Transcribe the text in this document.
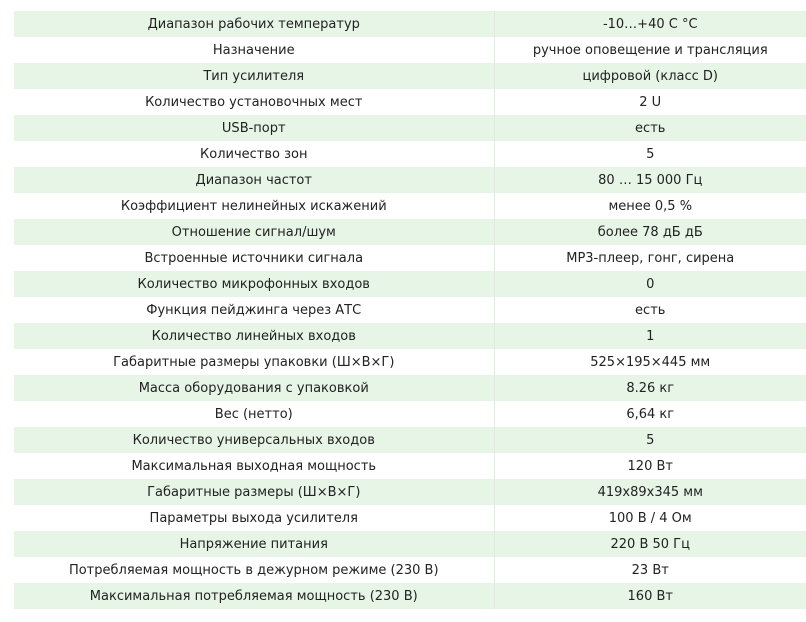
Диапазон рабочих температур	-10…+40 С °C
Назначение	ручное оповещение и трансляция
Тип усилителя	цифровой (класс D)
Количество установочных мест	2 U
USB-порт	есть
Количество зон	5
Диапазон частот	80 … 15 000 Гц
Коэффициент нелинейных искажений	менее 0,5 %
Отношение сигнал/шум	более 78 дБ дБ
Встроенные источники сигнала	MP3-плеер, гонг, сирена
Количество микрофонных входов	0
Функция пейджинга через АТС	есть
Количество линейных входов	1
Габаритные размеры упаковки (Ш×В×Г)	525×195×445 мм
Масса оборудования с упаковкой	8.26 кг
Вес (нетто)	6,64 кг
Количество универсальных входов	5
Максимальная выходная мощность	120 Вт
Габаритные размеры (Ш×В×Г)	419x89x345 мм
Параметры выхода усилителя	100 В / 4 Ом
Напряжение питания	220 В 50 Гц
Потребляемая мощность в дежурном режиме (230 В)	23 Вт
Максимальная потребляемая мощность (230 В)	160 Вт
